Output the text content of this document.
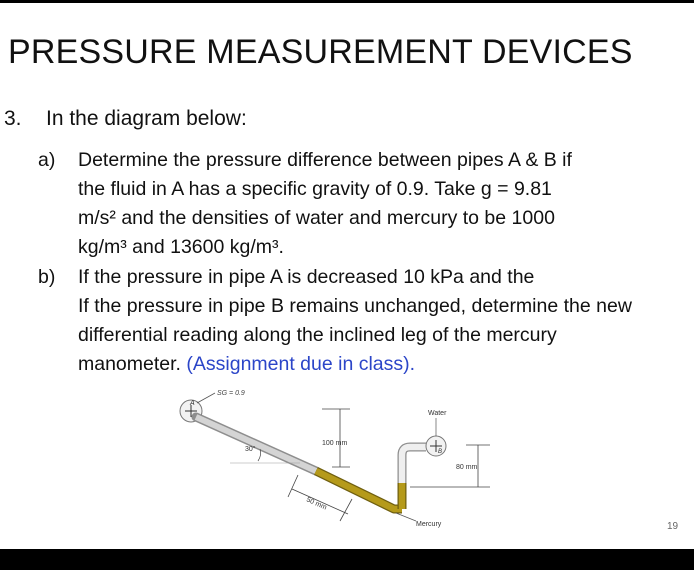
PRESSURE MEASUREMENT DEVICES
3. In the diagram below:
a) Determine the pressure difference between pipes A & B if
the fluid in A has a specific gravity of 0.9. Take g = 9.81
m/s² and the densities of water and mercury to be 1000
kg/m³ and 13600 kg/m³.
b) If the pressure in pipe A is decreased 10 kPa and the
If the pressure in pipe B remains unchanged, determine the new
differential reading along the inclined leg of the mercury
manometer. (Assignment due in class).
A
SG = 0.9
B
Water
100 mm
30°
50 mm
80 mm
Mercury	19
